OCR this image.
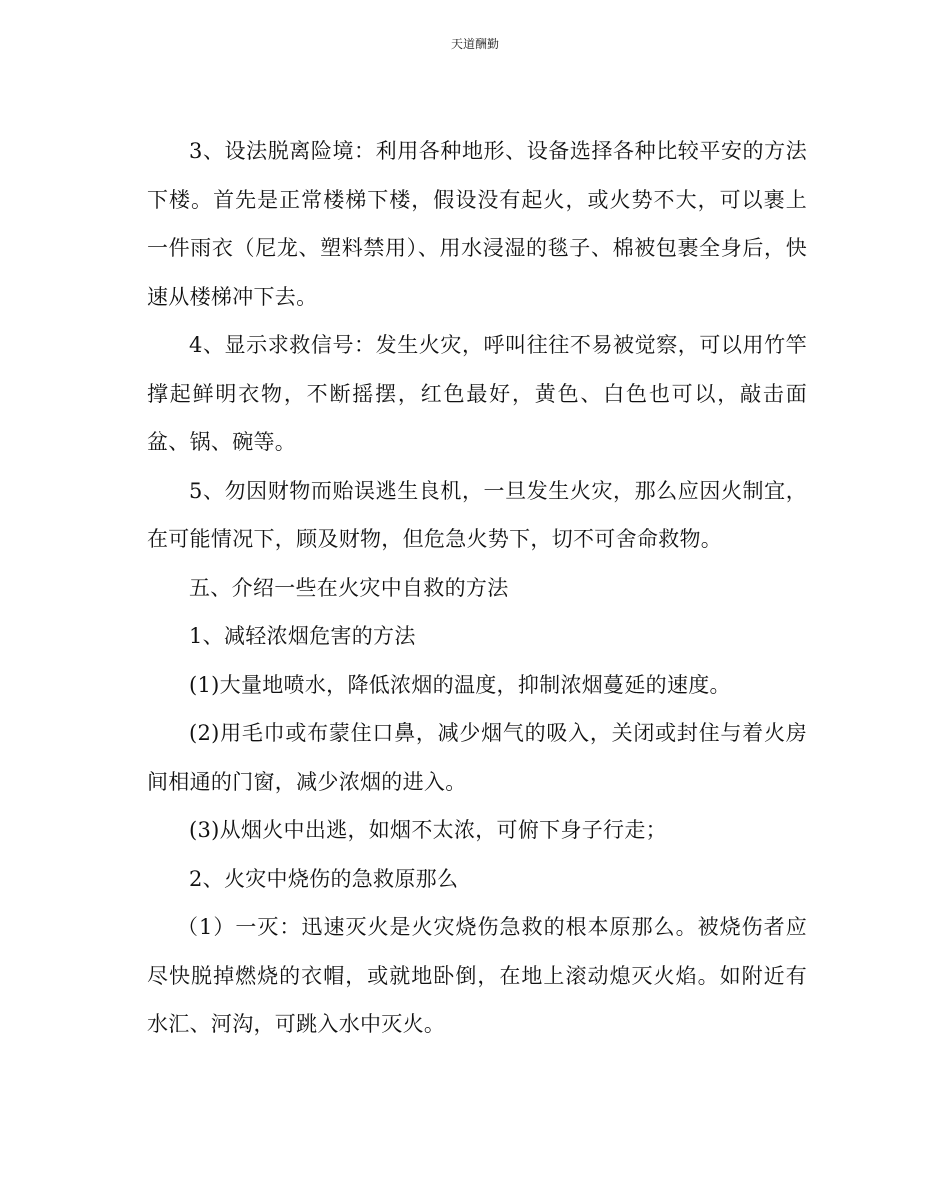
天道酬勤

3、设法脱离险境：利用各种地形、设备选择各种比较平安的方法下楼。首先是正常楼梯下楼，假设没有起火，或火势不大，可以裹上一件雨衣（尼龙、塑料禁用）、用水浸湿的毯子、棉被包裹全身后，快速从楼梯冲下去。

4、显示求救信号：发生火灾，呼叫往往不易被觉察，可以用竹竿撑起鲜明衣物，不断摇摆，红色最好，黄色、白色也可以，敲击面盆、锅、碗等。

5、勿因财物而贻误逃生良机，一旦发生火灾，那么应因火制宜，在可能情况下，顾及财物，但危急火势下，切不可舍命救物。

五、介绍一些在火灾中自救的方法

1、减轻浓烟危害的方法

(1)大量地喷水，降低浓烟的温度，抑制浓烟蔓延的速度。

(2)用毛巾或布蒙住口鼻，减少烟气的吸入，关闭或封住与着火房间相通的门窗，减少浓烟的进入。

(3)从烟火中出逃，如烟不太浓，可俯下身子行走；

2、火灾中烧伤的急救原那么

（1）一灭：迅速灭火是火灾烧伤急救的根本原那么。被烧伤者应尽快脱掉燃烧的衣帽，或就地卧倒，在地上滚动熄灭火焰。如附近有水汇、河沟，可跳入水中灭火。
